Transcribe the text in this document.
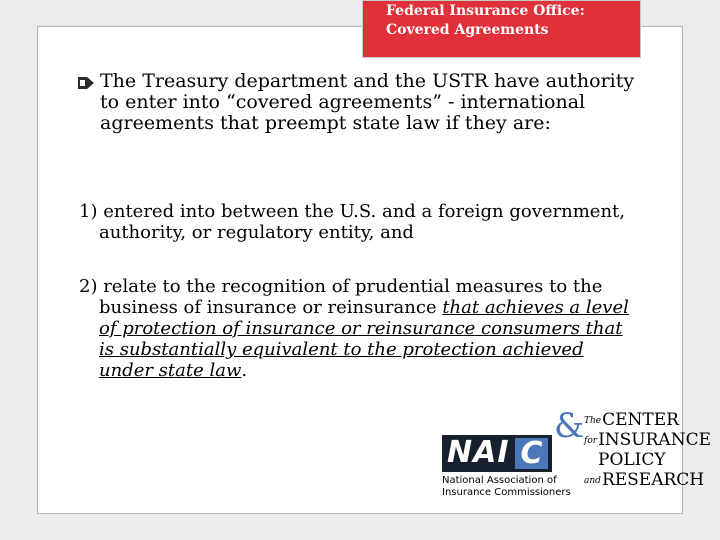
Federal Insurance Office:
Covered Agreements
The Treasury department and the USTR have authority to enter into “covered agreements” - international agreements that preempt state law if they are:
1) entered into between the U.S. and a foreign government, authority, or regulatory entity, and
2) relate to the recognition of prudential measures to the business of insurance or reinsurance that achieves a level of protection of insurance or reinsurance consumers that is substantially equivalent to the protection achieved under state law.
NAI C
National Association of
Insurance Commissioners
& TheCENTER
forINSURANCE
POLICY
andRESEARCH
